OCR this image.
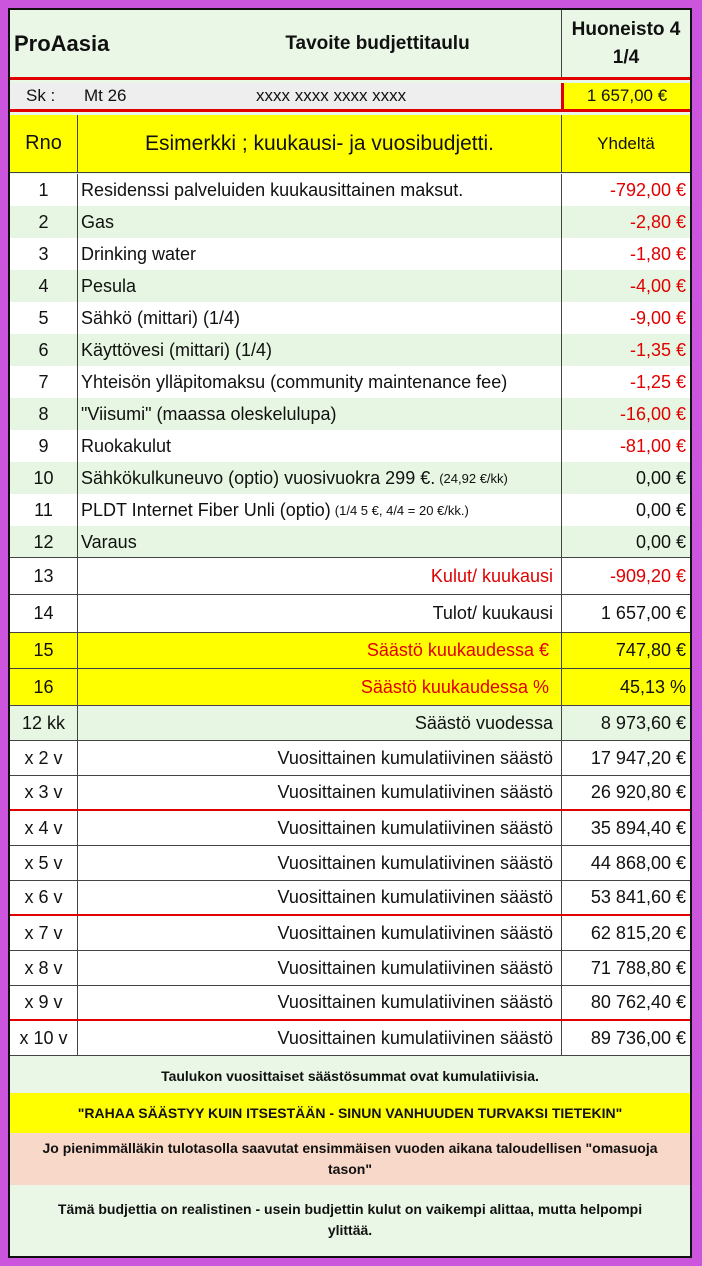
ProAasia	Tavoite budjettitaulu
Huoneisto 4
1/4
Sk :	Mt 26	xxxx xxxx xxxx xxxx	1 657,00 €
Rno	Esimerkki ; kuukausi- ja vuosibudjetti.	Yhdeltä
1	Residenssi palveluiden kuukausittainen maksut.	-792,00 €
2	Gas	-2,80 €
3	Drinking water	-1,80 €
4	Pesula	-4,00 €
5	Sähkö (mittari) (1/4)	-9,00 €
6	Käyttövesi (mittari) (1/4)	-1,35 €
7	Yhteisön ylläpitomaksu (community maintenance fee)	-1,25 €
8	"Viisumi" (maassa oleskelulupa)	-16,00 €
9	Ruokakulut	-81,00 €
10	Sähkökulkuneuvo (optio) vuosivuokra 299 €. (24,92 €/kk)	0,00 €
11	PLDT Internet Fiber Unli (optio) (1/4 5 €, 4/4 = 20 €/kk.)	0,00 €
12	Varaus	0,00 €
13	Kulut/ kuukausi	-909,20 €
14	Tulot/ kuukausi	1 657,00 €
15	Säästö kuukaudessa €	747,80 €
16	Säästö kuukaudessa %	45,13 %
12 kk	Säästö vuodessa	8 973,60 €
x 2 v	Vuosittainen kumulatiivinen säästö	17 947,20 €
x 3 v	Vuosittainen kumulatiivinen säästö	26 920,80 €
x 4 v	Vuosittainen kumulatiivinen säästö	35 894,40 €
x 5 v	Vuosittainen kumulatiivinen säästö	44 868,00 €
x 6 v	Vuosittainen kumulatiivinen säästö	53 841,60 €
x 7 v	Vuosittainen kumulatiivinen säästö	62 815,20 €
x 8 v	Vuosittainen kumulatiivinen säästö	71 788,80 €
x 9 v	Vuosittainen kumulatiivinen säästö	80 762,40 €
x 10 v	Vuosittainen kumulatiivinen säästö	89 736,00 €
Taulukon vuosittaiset säästösummat ovat kumulatiivisia.
"RAHAA SÄÄSTYY KUIN ITSESTÄÄN - SINUN VANHUUDEN TURVAKSI TIETEKIN"
Jo pienimmälläkin tulotasolla saavutat ensimmäisen vuoden aikana taloudellisen "omasuoja tason"
Tämä budjettia on realistinen - usein budjettin kulut on vaikempi alittaa, mutta helpompi ylittää.
